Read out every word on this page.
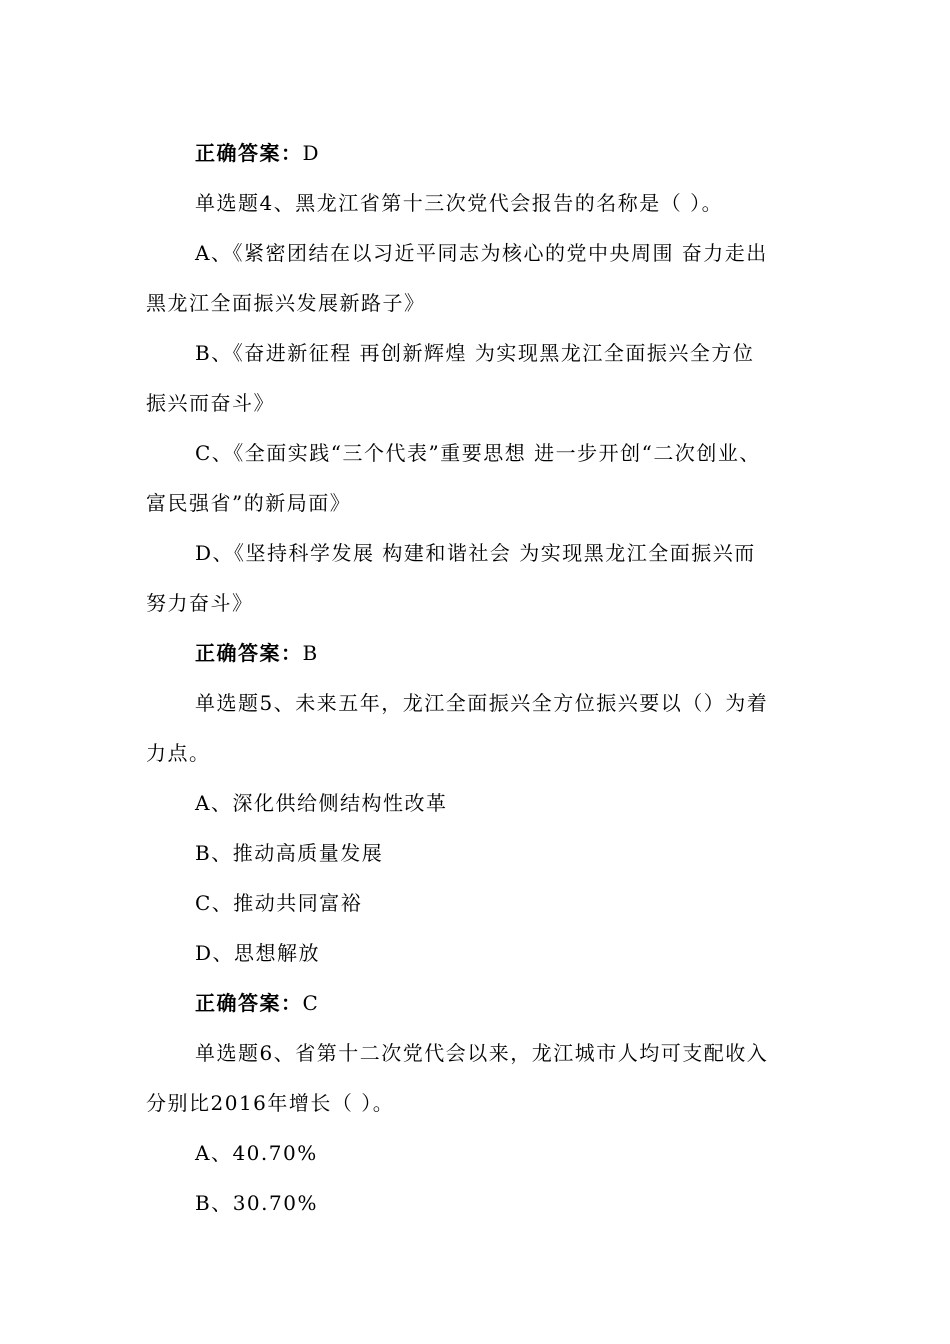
正确答案：D
单选题4、黑龙江省第十三次党代会报告的名称是（ ）。
A、《紧密团结在以习近平同志为核心的党中央周围 奋力走出
黑龙江全面振兴发展新路子》
B、《奋进新征程 再创新辉煌 为实现黑龙江全面振兴全方位
振兴而奋斗》
C、《全面实践“三个代表”重要思想 进一步开创“二次创业、
富民强省”的新局面》
D、《坚持科学发展 构建和谐社会 为实现黑龙江全面振兴而
努力奋斗》
正确答案：B
单选题5、未来五年，龙江全面振兴全方位振兴要以（）为着
力点。
A、深化供给侧结构性改革
B、推动高质量发展
C、推动共同富裕
D、思想解放
正确答案：C
单选题6、省第十二次党代会以来，龙江城市人均可支配收入
分别比2016年增长（ ）。
A、40.70%
B、30.70%
